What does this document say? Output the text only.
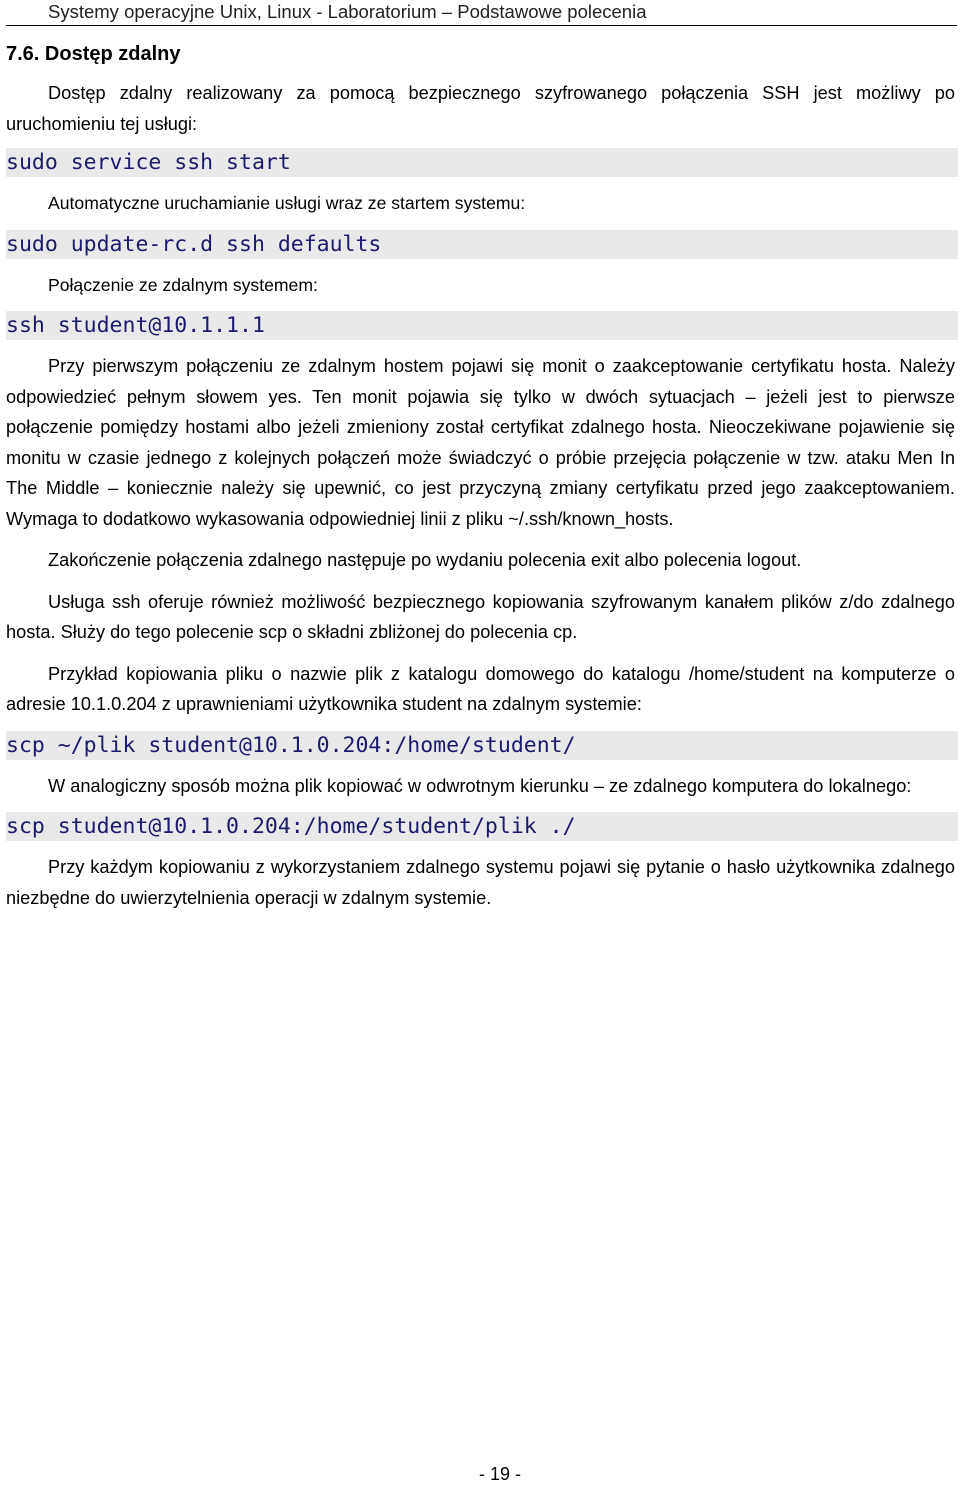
Systemy operacyjne Unix, Linux - Laboratorium – Podstawowe polecenia
7.6. Dostęp zdalny

Dostęp zdalny realizowany za pomocą bezpiecznego szyfrowanego połączenia SSH jest możliwy po uruchomieniu tej usługi:

sudo service ssh start

Automatyczne uruchamianie usługi wraz ze startem systemu:

sudo update-rc.d ssh defaults

Połączenie ze zdalnym systemem:

ssh student@10.1.1.1

Przy pierwszym połączeniu ze zdalnym hostem pojawi się monit o zaakceptowanie certyfikatu hosta. Należy odpowiedzieć pełnym słowem yes. Ten monit pojawia się tylko w dwóch sytuacjach – jeżeli jest to pierwsze połączenie pomiędzy hostami albo jeżeli zmieniony został certyfikat zdalnego hosta. Nieoczekiwane pojawienie się monitu w czasie jednego z kolejnych połączeń może świadczyć o próbie przejęcia połączenie w tzw. ataku Men In The Middle – koniecznie należy się upewnić, co jest przyczyną zmiany certyfikatu przed jego zaakceptowaniem. Wymaga to dodatkowo wykasowania odpowiedniej linii z pliku ~/.ssh/known_hosts.

Zakończenie połączenia zdalnego następuje po wydaniu polecenia exit albo polecenia logout.

Usługa ssh oferuje również możliwość bezpiecznego kopiowania szyfrowanym kanałem plików z/do zdalnego hosta. Służy do tego polecenie scp o składni zbliżonej do polecenia cp.

Przykład kopiowania pliku o nazwie plik z katalogu domowego do katalogu /home/student na komputerze o adresie 10.1.0.204 z uprawnieniami użytkownika student na zdalnym systemie:

scp ~/plik student@10.1.0.204:/home/student/

W analogiczny sposób można plik kopiować w odwrotnym kierunku – ze zdalnego komputera do lokalnego:

scp student@10.1.0.204:/home/student/plik ./

Przy każdym kopiowaniu z wykorzystaniem zdalnego systemu pojawi się pytanie o hasło użytkownika zdalnego niezbędne do uwierzytelnienia operacji w zdalnym systemie.

- 19 -
